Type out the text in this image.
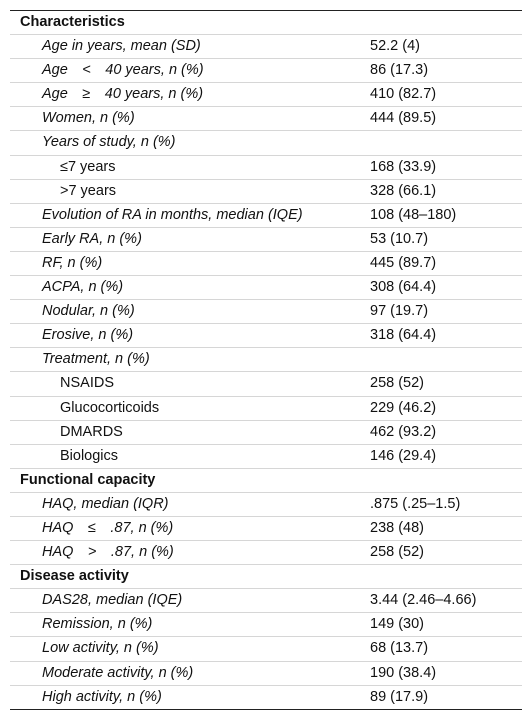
Characteristics
Age in years, mean (SD)	52.2 (4)
Age < 40 years, n (%)	86 (17.3)
Age ≥ 40 years, n (%)	410 (82.7)
Women, n (%)	444 (89.5)
Years of study, n (%)
≤7 years	168 (33.9)
>7 years	328 (66.1)
Evolution of RA in months, median (IQE)	108 (48–180)
Early RA, n (%)	53 (10.7)
RF, n (%)	445 (89.7)
ACPA, n (%)	308 (64.4)
Nodular, n (%)	97 (19.7)
Erosive, n (%)	318 (64.4)
Treatment, n (%)
NSAIDS	258 (52)
Glucocorticoids	229 (46.2)
DMARDS	462 (93.2)
Biologics	146 (29.4)
Functional capacity
HAQ, median (IQR)	.875 (.25–1.5)
HAQ ≤ .87, n (%)	238 (48)
HAQ > .87, n (%)	258 (52)
Disease activity
DAS28, median (IQE)	3.44 (2.46–4.66)
Remission, n (%)	149 (30)
Low activity, n (%)	68 (13.7)
Moderate activity, n (%)	190 (38.4)
High activity, n (%)	89 (17.9)
